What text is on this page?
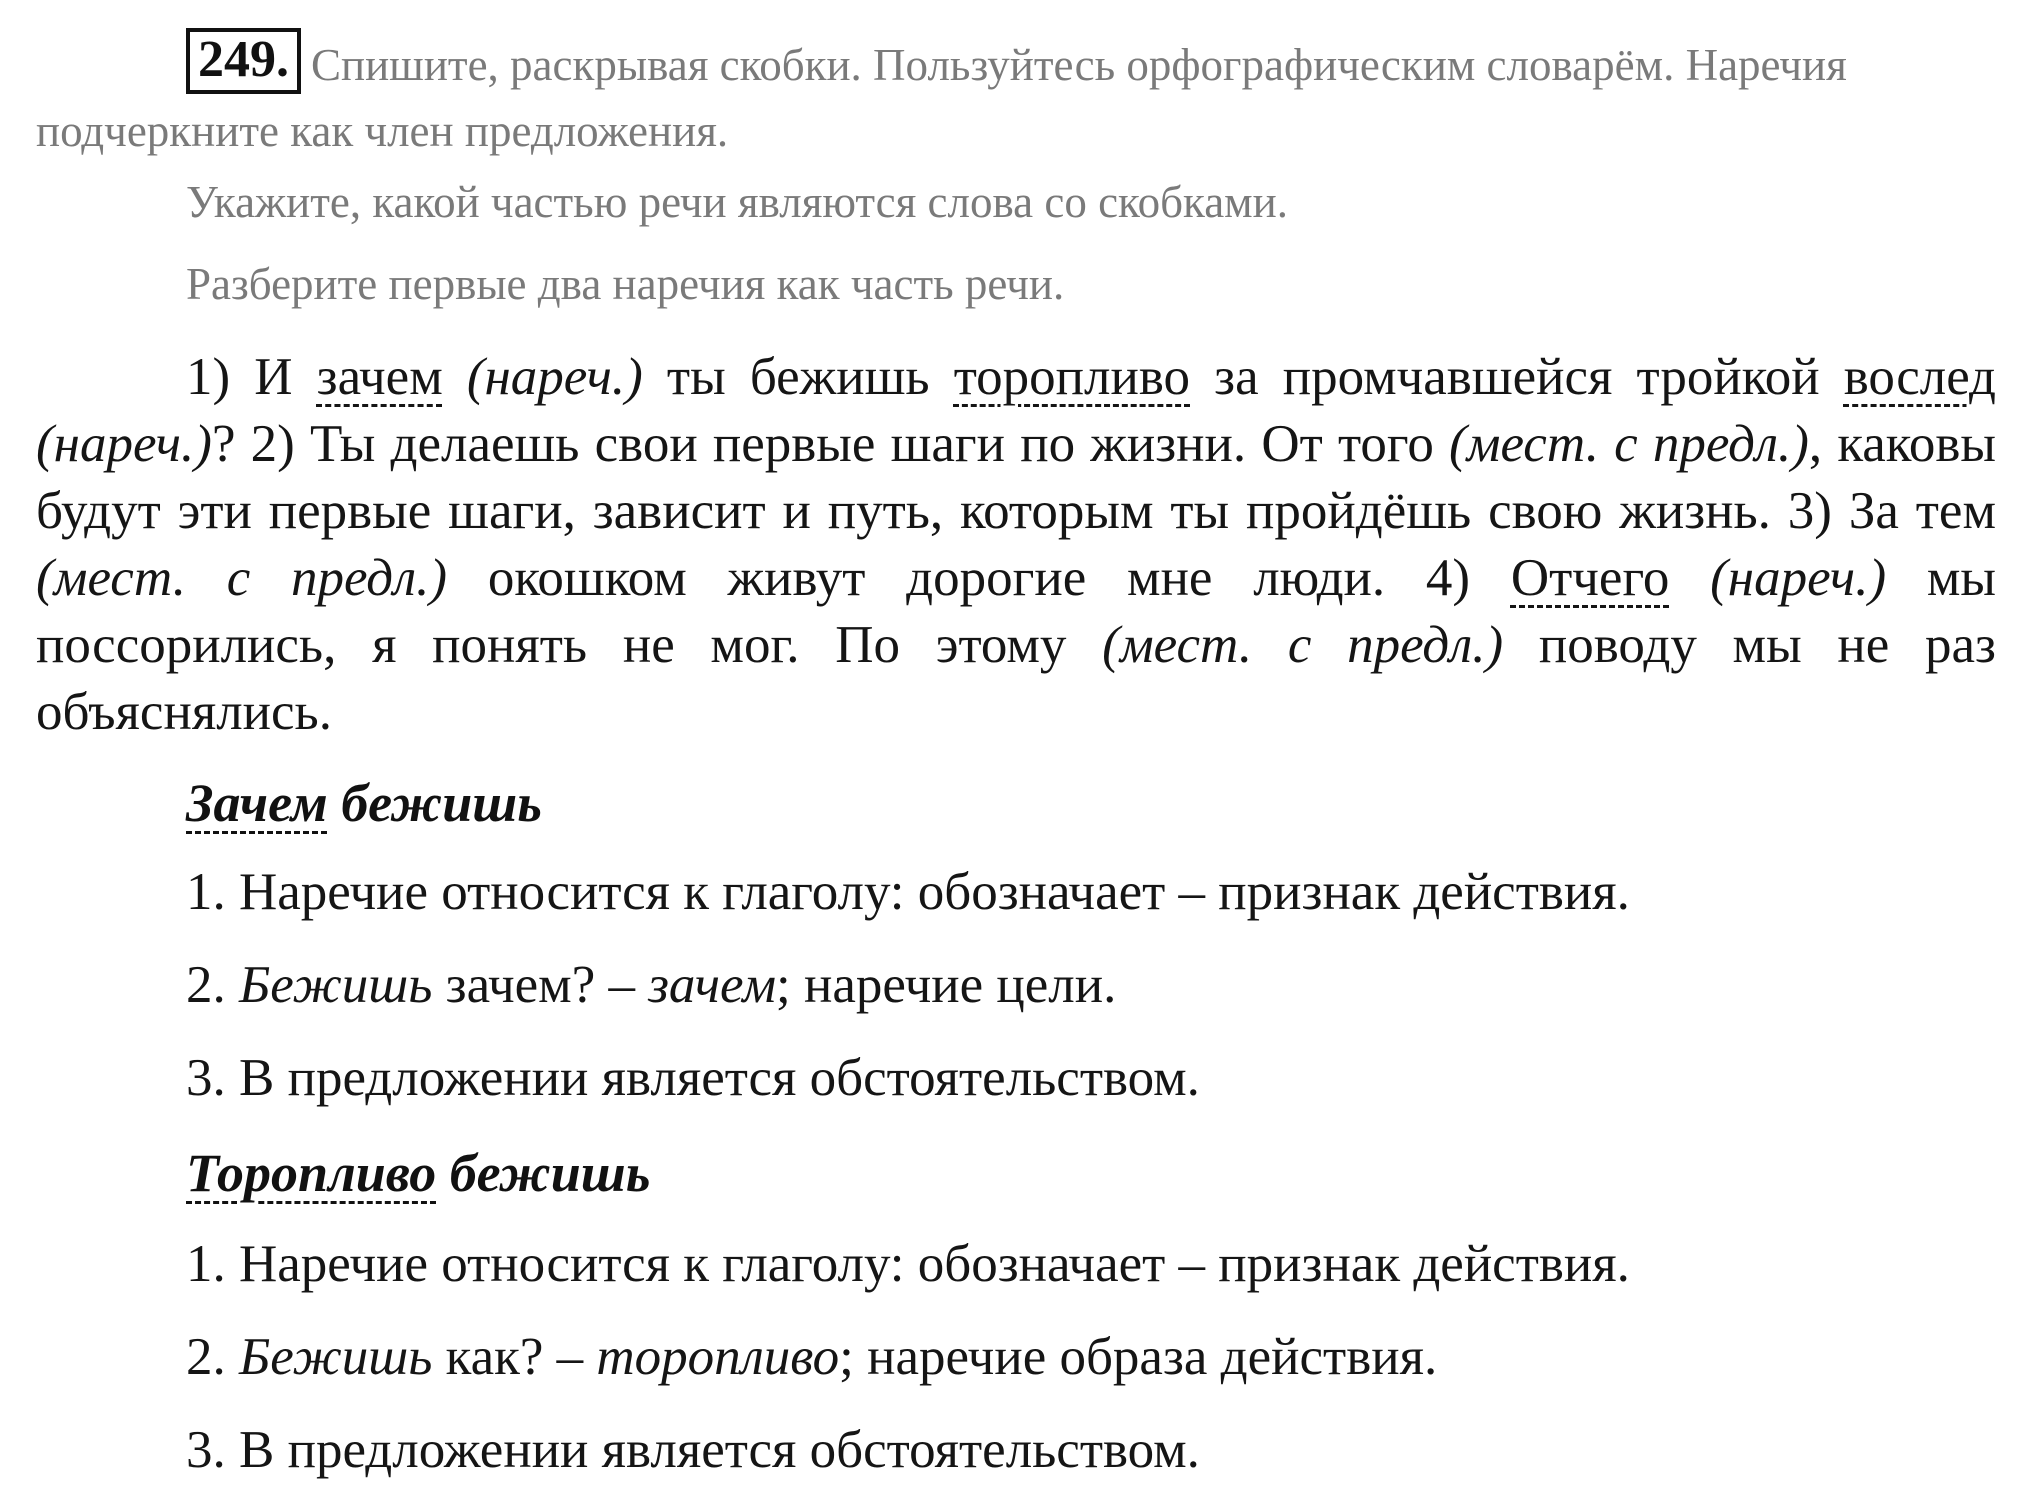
249. Спишите, раскрывая скобки. Пользуйтесь орфографическим словарём. Наречия подчеркните как член предложения.

Укажите, какой частью речи являются слова со скобками.

Разберите первые два наречия как часть речи.

1) И зачем (нареч.) ты бежишь торопливо за промчавшейся тройкой вослед (нареч.)? 2) Ты делаешь свои первые шаги по жизни. От того (мест. с предл.), каковы будут эти первые шаги, зависит и путь, которым ты пройдёшь свою жизнь. 3) За тем (мест. с предл.) окошком живут дорогие мне люди. 4) Отчего (нареч.) мы поссорились, я понять не мог. По этому (мест. с предл.) поводу мы не раз объяснялись.

Зачем бежишь

1. Наречие относится к глаголу: обозначает – признак действия.

2. Бежишь зачем? – зачем; наречие цели.

3. В предложении является обстоятельством.

Торопливо бежишь

1. Наречие относится к глаголу: обозначает – признак действия.

2. Бежишь как? – торопливо; наречие образа действия.

3. В предложении является обстоятельством.
